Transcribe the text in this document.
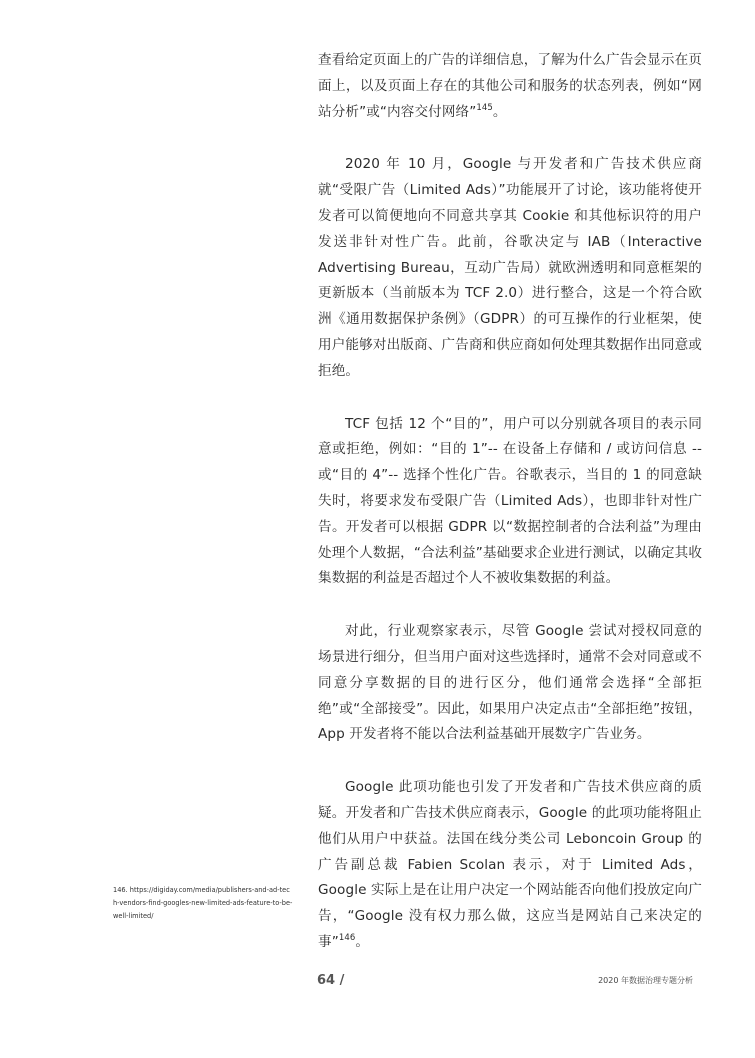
查看给定页面上的广告的详细信息，了解为什么广告会显示在页面上，以及页面上存在的其他公司和服务的状态列表，例如“网站分析”或“内容交付网络”$^{145}$。

2020 年 10 月，Google 与开发者和广告技术供应商就“受限广告（Limited Ads）”功能展开了讨论，该功能将使开发者可以简便地向不同意共享其 Cookie 和其他标识符的用户发送非针对性广告。此前，谷歌决定与 IAB（Interactive Advertising Bureau，互动广告局）就欧洲透明和同意框架的更新版本（当前版本为 TCF 2.0）进行整合，这是一个符合欧洲《通用数据保护条例》（GDPR）的可互操作的行业框架，使用户能够对出版商、广告商和供应商如何处理其数据作出同意或拒绝。

TCF 包括 12 个“目的”，用户可以分别就各项目的表示同意或拒绝，例如：“目的 1”-- 在设备上存储和 / 或访问信息 -- 或“目的 4”-- 选择个性化广告。谷歌表示，当目的 1 的同意缺失时，将要求发布受限广告（Limited Ads），也即非针对性广告。开发者可以根据 GDPR 以“数据控制者的合法利益”为理由处理个人数据，“合法利益”基础要求企业进行测试，以确定其收集数据的利益是否超过个人不被收集数据的利益。

对此，行业观察家表示，尽管 Google 尝试对授权同意的场景进行细分，但当用户面对这些选择时，通常不会对同意或不同意分享数据的目的进行区分，他们通常会选择“全部拒绝”或“全部接受”。因此，如果用户决定点击“全部拒绝”按钮，App 开发者将不能以合法利益基础开展数字广告业务。

Google 此项功能也引发了开发者和广告技术供应商的质疑。开发者和广告技术供应商表示，Google 的此项功能将阻止他们从用户中获益。法国在线分类公司 Leboncoin Group 的广告副总裁 Fabien Scolan 表示，对于 Limited Ads，Google 实际上是在让用户决定一个网站能否向他们投放定向广告，“Google 没有权力那么做，这应当是网站自己来决定的事”$^{146}$。

146. https://digiday.com/media/publishers-and-ad-tech-vendors-find-googles-new-limited-ads-feature-to-be-well-limited/
64 /	2020 年数据治理专题分析
